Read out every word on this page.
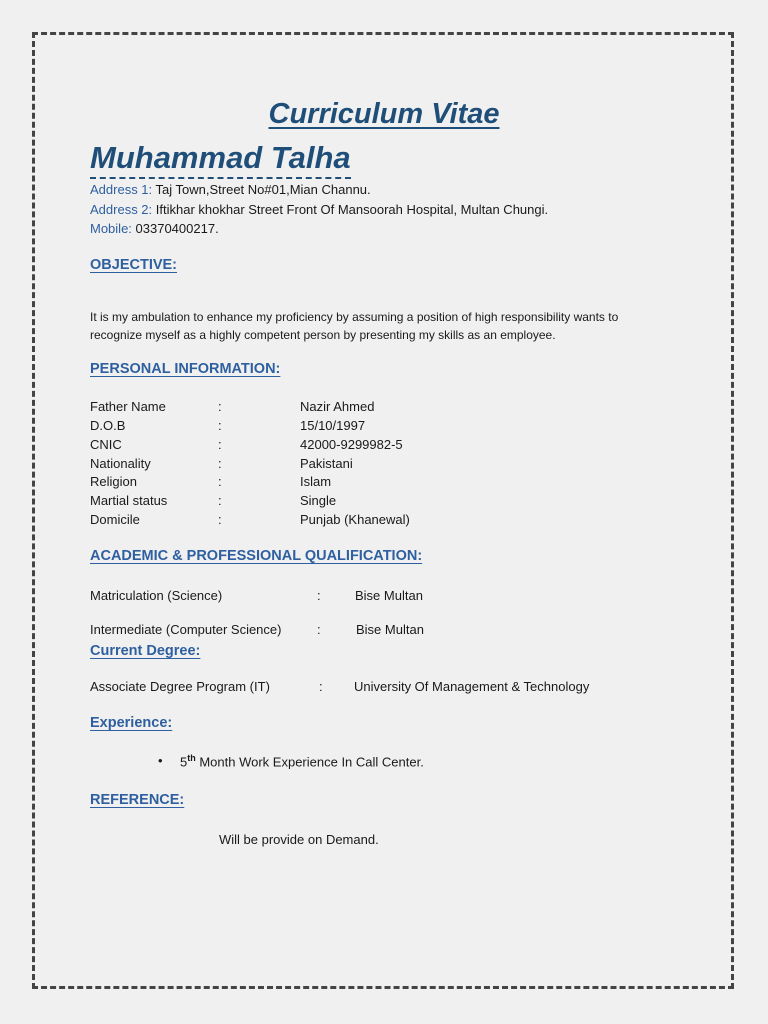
Curriculum Vitae
Muhammad Talha
Address 1: Taj Town,Street No#01,Mian Channu.
Address 2: Iftikhar khokhar Street Front Of Mansoorah Hospital, Multan Chungi.
Mobile: 03370400217.
OBJECTIVE:
It is my ambulation to enhance my proficiency by assuming a position of high responsibility wants to
recognize myself as a highly competent person by presenting my skills as an employee.
PERSONAL INFORMATION:
Father Name	:	Nazir Ahmed
D.O.B	:	15/10/1997
CNIC	:	42000-9299982-5
Nationality	:	Pakistani
Religion	:	Islam
Martial status	:	Single
Domicile	:	Punjab (Khanewal)
ACADEMIC & PROFESSIONAL QUALIFICATION:
Matriculation (Science)	:	Bise Multan
Intermediate (Computer Science)	:	Bise Multan
Current Degree:
Associate Degree Program (IT)	: University Of Management & Technology
Experience:
• 5th Month Work Experience In Call Center.
REFERENCE:
Will be provide on Demand.
